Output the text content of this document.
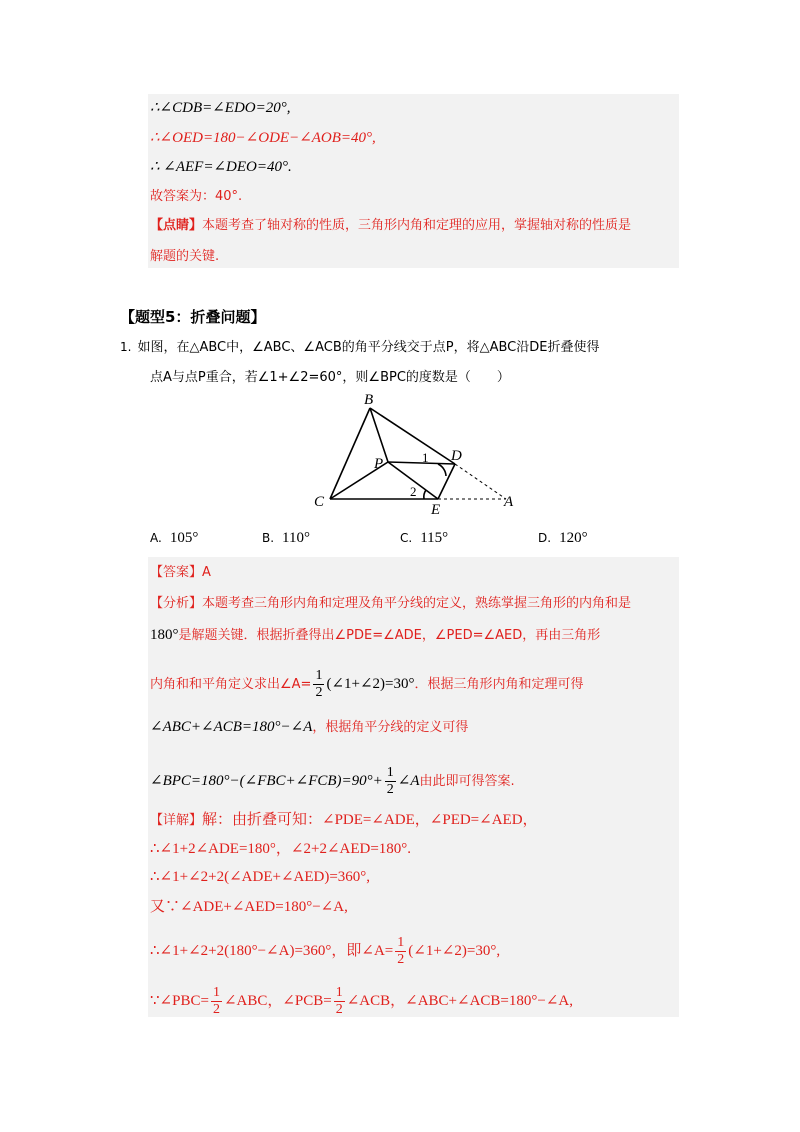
∴∠CDB=∠EDO=20°,
∴∠OED=180−∠ODE−∠AOB=40°,
∴ ∠AEF=∠DEO=40°.
故答案为：40°.
【点睛】本题考查了轴对称的性质，三角形内角和定理的应用，掌握轴对称的性质是
解题的关键.
【题型5：折叠问题】
1. 如图，在△ABC中，∠ABC、∠ACB的角平分线交于点P，将△ABC沿DE折叠使得
点A与点P重合，若∠1+∠2=60°，则∠BPC的度数是（　　）
B
P	D
C	E	A
1
2
A. 105°	B. 110°	C. 115°	D. 120°
【答案】A
【分析】本题考查三角形内角和定理及角平分线的定义，熟练掌握三角形的内角和是
180°是解题关键．根据折叠得出∠PDE=∠ADE，∠PED=∠AED，再由三角形
内角和和平角定义求出∠A= $\frac{1}{2}$ (∠1+∠2)=30°．根据三角形内角和定理可得
∠ABC+∠ACB=180°−∠A，根据角平分线的定义可得
∠BPC=180°−(∠FBC+∠FCB)=90°+ $\frac{1}{2}$ ∠A由此即可得答案.
【详解】解：由折叠可知：∠PDE=∠ADE，∠PED=∠AED，
∴∠1+2∠ADE=180°，∠2+2∠AED=180°.
∴∠1+∠2+2(∠ADE+∠AED)=360°,
又∵∠ADE+∠AED=180°−∠A,
∴∠1+∠2+2(180°−∠A)=360°，即∠A= $\frac{1}{2}$ (∠1+∠2)=30°,
∵∠PBC= $\frac{1}{2}$ ∠ABC，∠PCB= $\frac{1}{2}$ ∠ACB，∠ABC+∠ACB=180°−∠A,
